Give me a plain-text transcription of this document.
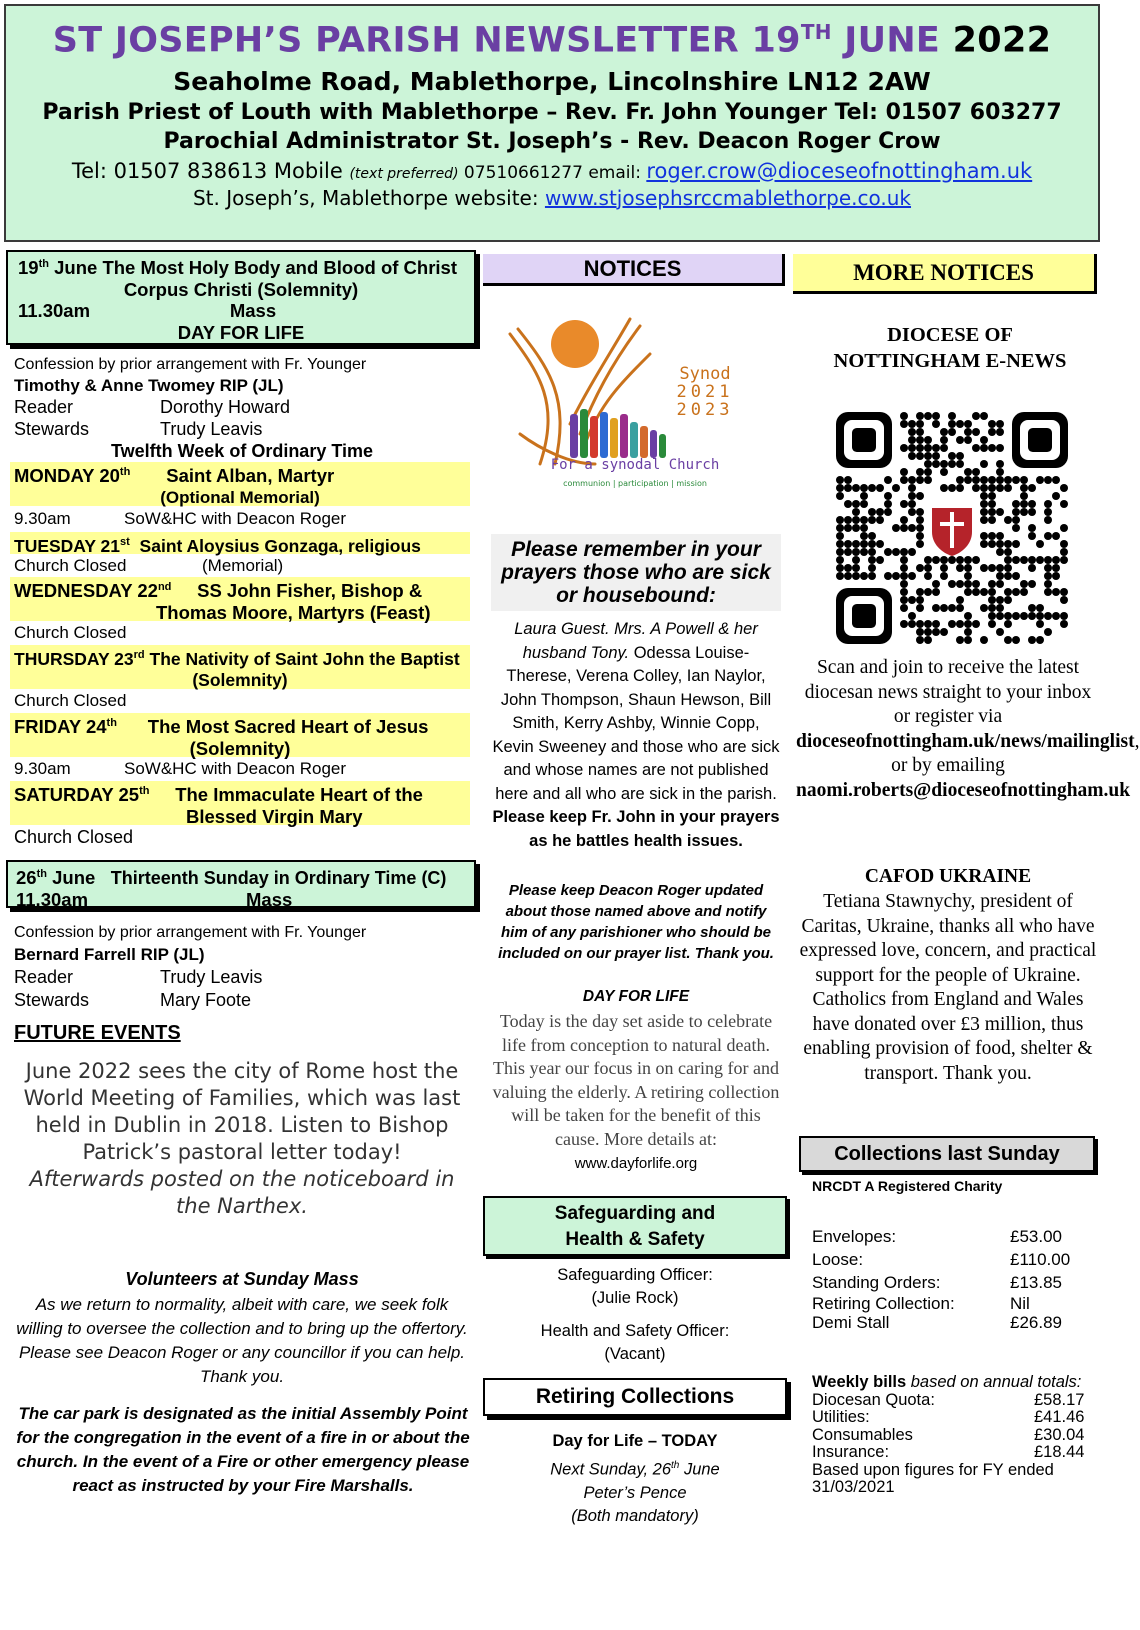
ST JOSEPH’S PARISH NEWSLETTER 19TH JUNE 2022
Seaholme Road, Mablethorpe, Lincolnshire LN12 2AW
Parish Priest of Louth with Mablethorpe – Rev. Fr. John Younger Tel: 01507 603277
Parochial Administrator St. Joseph’s - Rev. Deacon Roger Crow
Tel: 01507 838613 Mobile (text preferred) 07510661277 email: roger.crow@dioceseofnottingham.uk
St. Joseph’s, Mablethorpe website: www.stjosephsrccmablethorpe.co.uk
19th June The Most Holy Body and Blood of Christ
Corpus Christi (Solemnity)
11.30am	Mass
DAY FOR LIFE
Confession by prior arrangement with Fr. Younger
Timothy & Anne Twomey RIP (JL)
Reader	Dorothy Howard
Stewards	Trudy Leavis
Twelfth Week of Ordinary Time
MONDAY 20th Saint Alban, Martyr
(Optional Memorial)
9.30am	SoW&HC with Deacon Roger
TUESDAY 21st Saint Aloysius Gonzaga, religious
Church Closed	(Memorial)
WEDNESDAY 22nd SS John Fisher, Bishop &
Thomas Moore, Martyrs (Feast)
Church Closed
THURSDAY 23rd The Nativity of Saint John the Baptist
(Solemnity)
Church Closed
FRIDAY 24th The Most Sacred Heart of Jesus
(Solemnity)
9.30am	SoW&HC with Deacon Roger
SATURDAY 25th The Immaculate Heart of the
Blessed Virgin Mary
Church Closed
26th June Thirteenth Sunday in Ordinary Time (C)
11.30am	Mass
Confession by prior arrangement with Fr. Younger
Bernard Farrell RIP (JL)
Reader	Trudy Leavis
Stewards	Mary Foote
FUTURE EVENTS
June 2022 sees the city of Rome host the World Meeting of Families, which was last held in Dublin in 2018. Listen to Bishop Patrick’s pastoral letter today!
Afterwards posted on the noticeboard in the Narthex.
Volunteers at Sunday Mass
As we return to normality, albeit with care, we seek folk willing to oversee the collection and to bring up the offertory. Please see Deacon Roger or any councillor if you can help. Thank you.
The car park is designated as the initial Assembly Point for the congregation in the event of a fire in or about the church. In the event of a Fire or other emergency please react as instructed by your Fire Marshalls.
NOTICES
Synod
2021
2023
For a synodal Church
communion | participation | mission
Please remember in your prayers those who are sick or housebound:
Laura Guest. Mrs. A Powell & her husband Tony. Odessa Louise-Therese, Verena Colley, Ian Naylor, John Thompson, Shaun Hewson, Bill Smith, Kerry Ashby, Winnie Copp, Kevin Sweeney and those who are sick and whose names are not published here and all who are sick in the parish. Please keep Fr. John in your prayers as he battles health issues.
Please keep Deacon Roger updated about those named above and notify him of any parishioner who should be included on our prayer list. Thank you.
DAY FOR LIFE
Today is the day set aside to celebrate life from conception to natural death. This year our focus in on caring for and valuing the elderly. A retiring collection will be taken for the benefit of this cause. More details at:
www.dayforlife.org
Safeguarding and
Health & Safety
Safeguarding Officer:
(Julie Rock)
Health and Safety Officer:
(Vacant)
Retiring Collections
Day for Life – TODAY
Next Sunday, 26th June
Peter’s Pence
(Both mandatory)
MORE NOTICES
DIOCESE OF
NOTTINGHAM E-NEWS
Scan and join to receive the latest diocesan news straight to your inbox or register via
dioceseofnottingham.uk/news/mailinglist, or by emailing
naomi.roberts@dioceseofnottingham.uk
CAFOD UKRAINE
Tetiana Stawnychy, president of Caritas, Ukraine, thanks all who have expressed love, concern, and practical support for the people of Ukraine. Catholics from England and Wales have donated over £3 million, thus enabling provision of food, shelter & transport. Thank you.
Collections last Sunday
NRCDT A Registered Charity
Envelopes:	£53.00
Loose:	£110.00
Standing Orders:	£13.85
Retiring Collection:	Nil
Demi Stall	£26.89
Weekly bills based on annual totals:
Diocesan Quota:	£58.17
Utilities:	£41.46
Consumables	£30.04
Insurance:	£18.44
Based upon figures for FY ended 31/03/2021
